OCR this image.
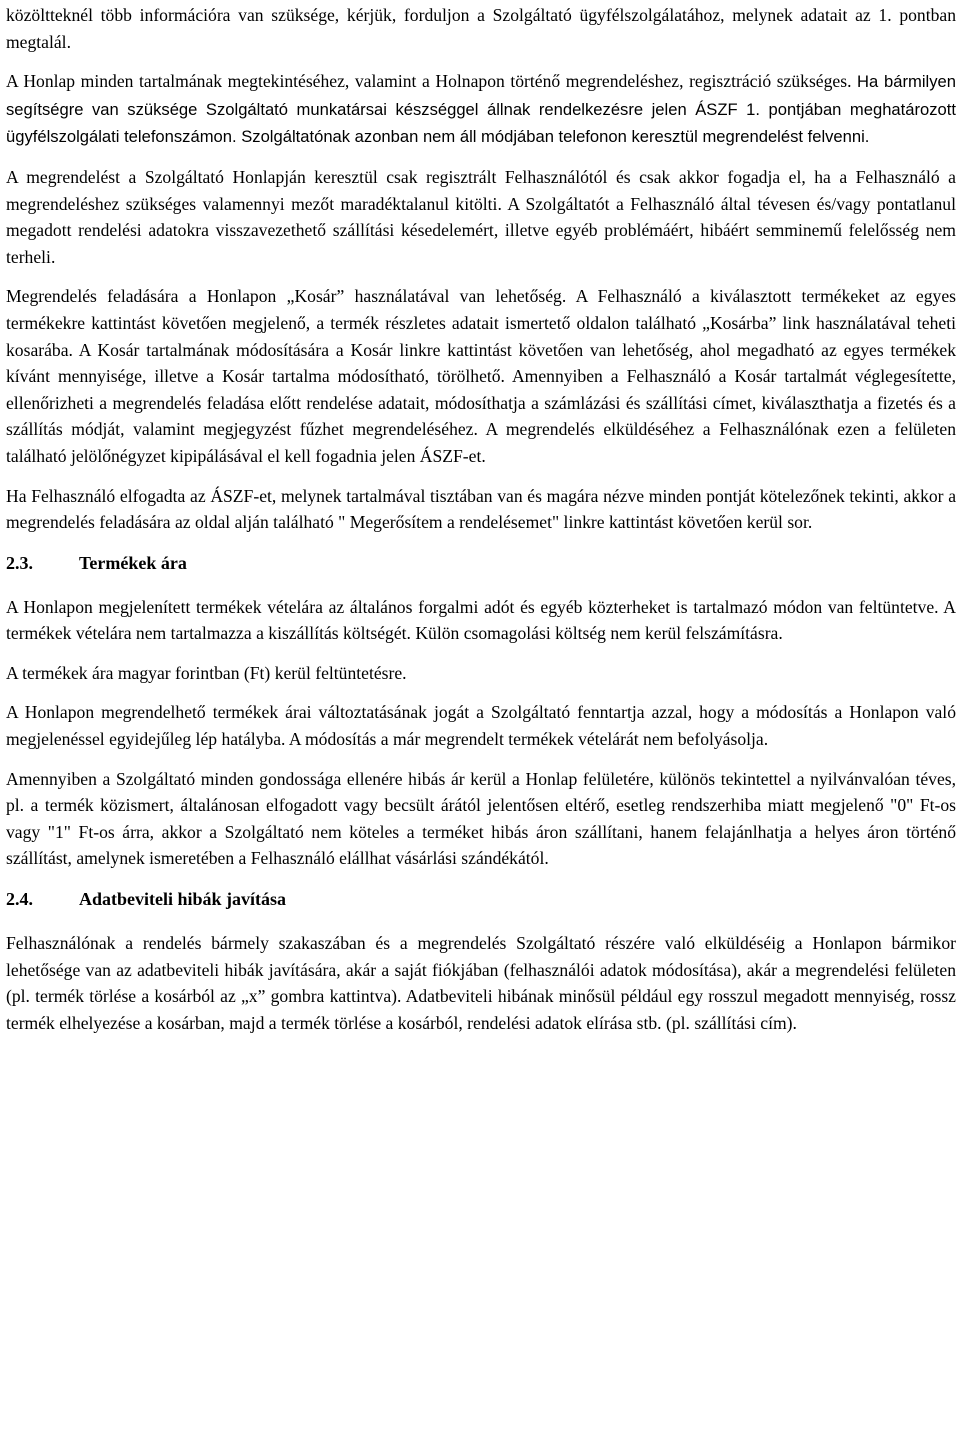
közöltteknél több információra van szüksége, kérjük, forduljon a Szolgáltató ügyfélszolgálatához, melynek adatait az 1. pontban megtalál.

A Honlap minden tartalmának megtekintéséhez, valamint a Holnapon történő megrendeléshez, regisztráció szükséges. Ha bármilyen segítségre van szüksége Szolgáltató munkatársai készséggel állnak rendelkezésre jelen ÁSZF 1. pontjában meghatározott ügyfélszolgálati telefonszámon. Szolgáltatónak azonban nem áll módjában telefonon keresztül megrendelést felvenni.

A megrendelést a Szolgáltató Honlapján keresztül csak regisztrált Felhasználótól és csak akkor fogadja el, ha a Felhasználó a megrendeléshez szükséges valamennyi mezőt maradéktalanul kitölti. A Szolgáltatót a Felhasználó által tévesen és/vagy pontatlanul megadott rendelési adatokra visszavezethető szállítási késedelemért, illetve egyéb problémáért, hibáért semminemű felelősség nem terheli.

Megrendelés feladására a Honlapon „Kosár” használatával van lehetőség. A Felhasználó a kiválasztott termékeket az egyes termékekre kattintást követően megjelenő, a termék részletes adatait ismertető oldalon található „Kosárba” link használatával teheti kosarába. A Kosár tartalmának módosítására a Kosár linkre kattintást követően van lehetőség, ahol megadható az egyes termékek kívánt mennyisége, illetve a Kosár tartalma módosítható, törölhető. Amennyiben a Felhasználó a Kosár tartalmát véglegesítette, ellenőrizheti a megrendelés feladása előtt rendelése adatait, módosíthatja a számlázási és szállítási címet, kiválaszthatja a fizetés és a szállítás módját, valamint megjegyzést fűzhet megrendeléséhez. A megrendelés elküldéséhez a Felhasználónak ezen a felületen található jelölőnégyzet kipipálásával el kell fogadnia jelen ÁSZF-et.

Ha Felhasználó elfogadta az ÁSZF-et, melynek tartalmával tisztában van és magára nézve minden pontját kötelezőnek tekinti, akkor a megrendelés feladására az oldal alján található " Megerősítem a rendelésemet" linkre kattintást követően kerül sor.

2.3.	Termékek ára

A Honlapon megjelenített termékek vételára az általános forgalmi adót és egyéb közterheket is tartalmazó módon van feltüntetve. A termékek vételára nem tartalmazza a kiszállítás költségét. Külön csomagolási költség nem kerül felszámításra.

A termékek ára magyar forintban (Ft) kerül feltüntetésre.

A Honlapon megrendelhető termékek árai változtatásának jogát a Szolgáltató fenntartja azzal, hogy a módosítás a Honlapon való megjelenéssel egyidejűleg lép hatályba. A módosítás a már megrendelt termékek vételárát nem befolyásolja.

Amennyiben a Szolgáltató minden gondossága ellenére hibás ár kerül a Honlap felületére, különös tekintettel a nyilvánvalóan téves, pl. a termék közismert, általánosan elfogadott vagy becsült árától jelentősen eltérő, esetleg rendszerhiba miatt megjelenő "0" Ft-os vagy "1" Ft-os árra, akkor a Szolgáltató nem köteles a terméket hibás áron szállítani, hanem felajánlhatja a helyes áron történő szállítást, amelynek ismeretében a Felhasználó elállhat vásárlási szándékától.

2.4.	Adatbeviteli hibák javítása

Felhasználónak a rendelés bármely szakaszában és a megrendelés Szolgáltató részére való elküldéséig a Honlapon bármikor lehetősége van az adatbeviteli hibák javítására, akár a saját fiókjában (felhasználói adatok módosítása), akár a megrendelési felületen (pl. termék törlése a kosárból az „x” gombra kattintva). Adatbeviteli hibának minősül például egy rosszul megadott mennyiség, rossz termék elhelyezése a kosárban, majd a termék törlése a kosárból, rendelési adatok elírása stb. (pl. szállítási cím).
